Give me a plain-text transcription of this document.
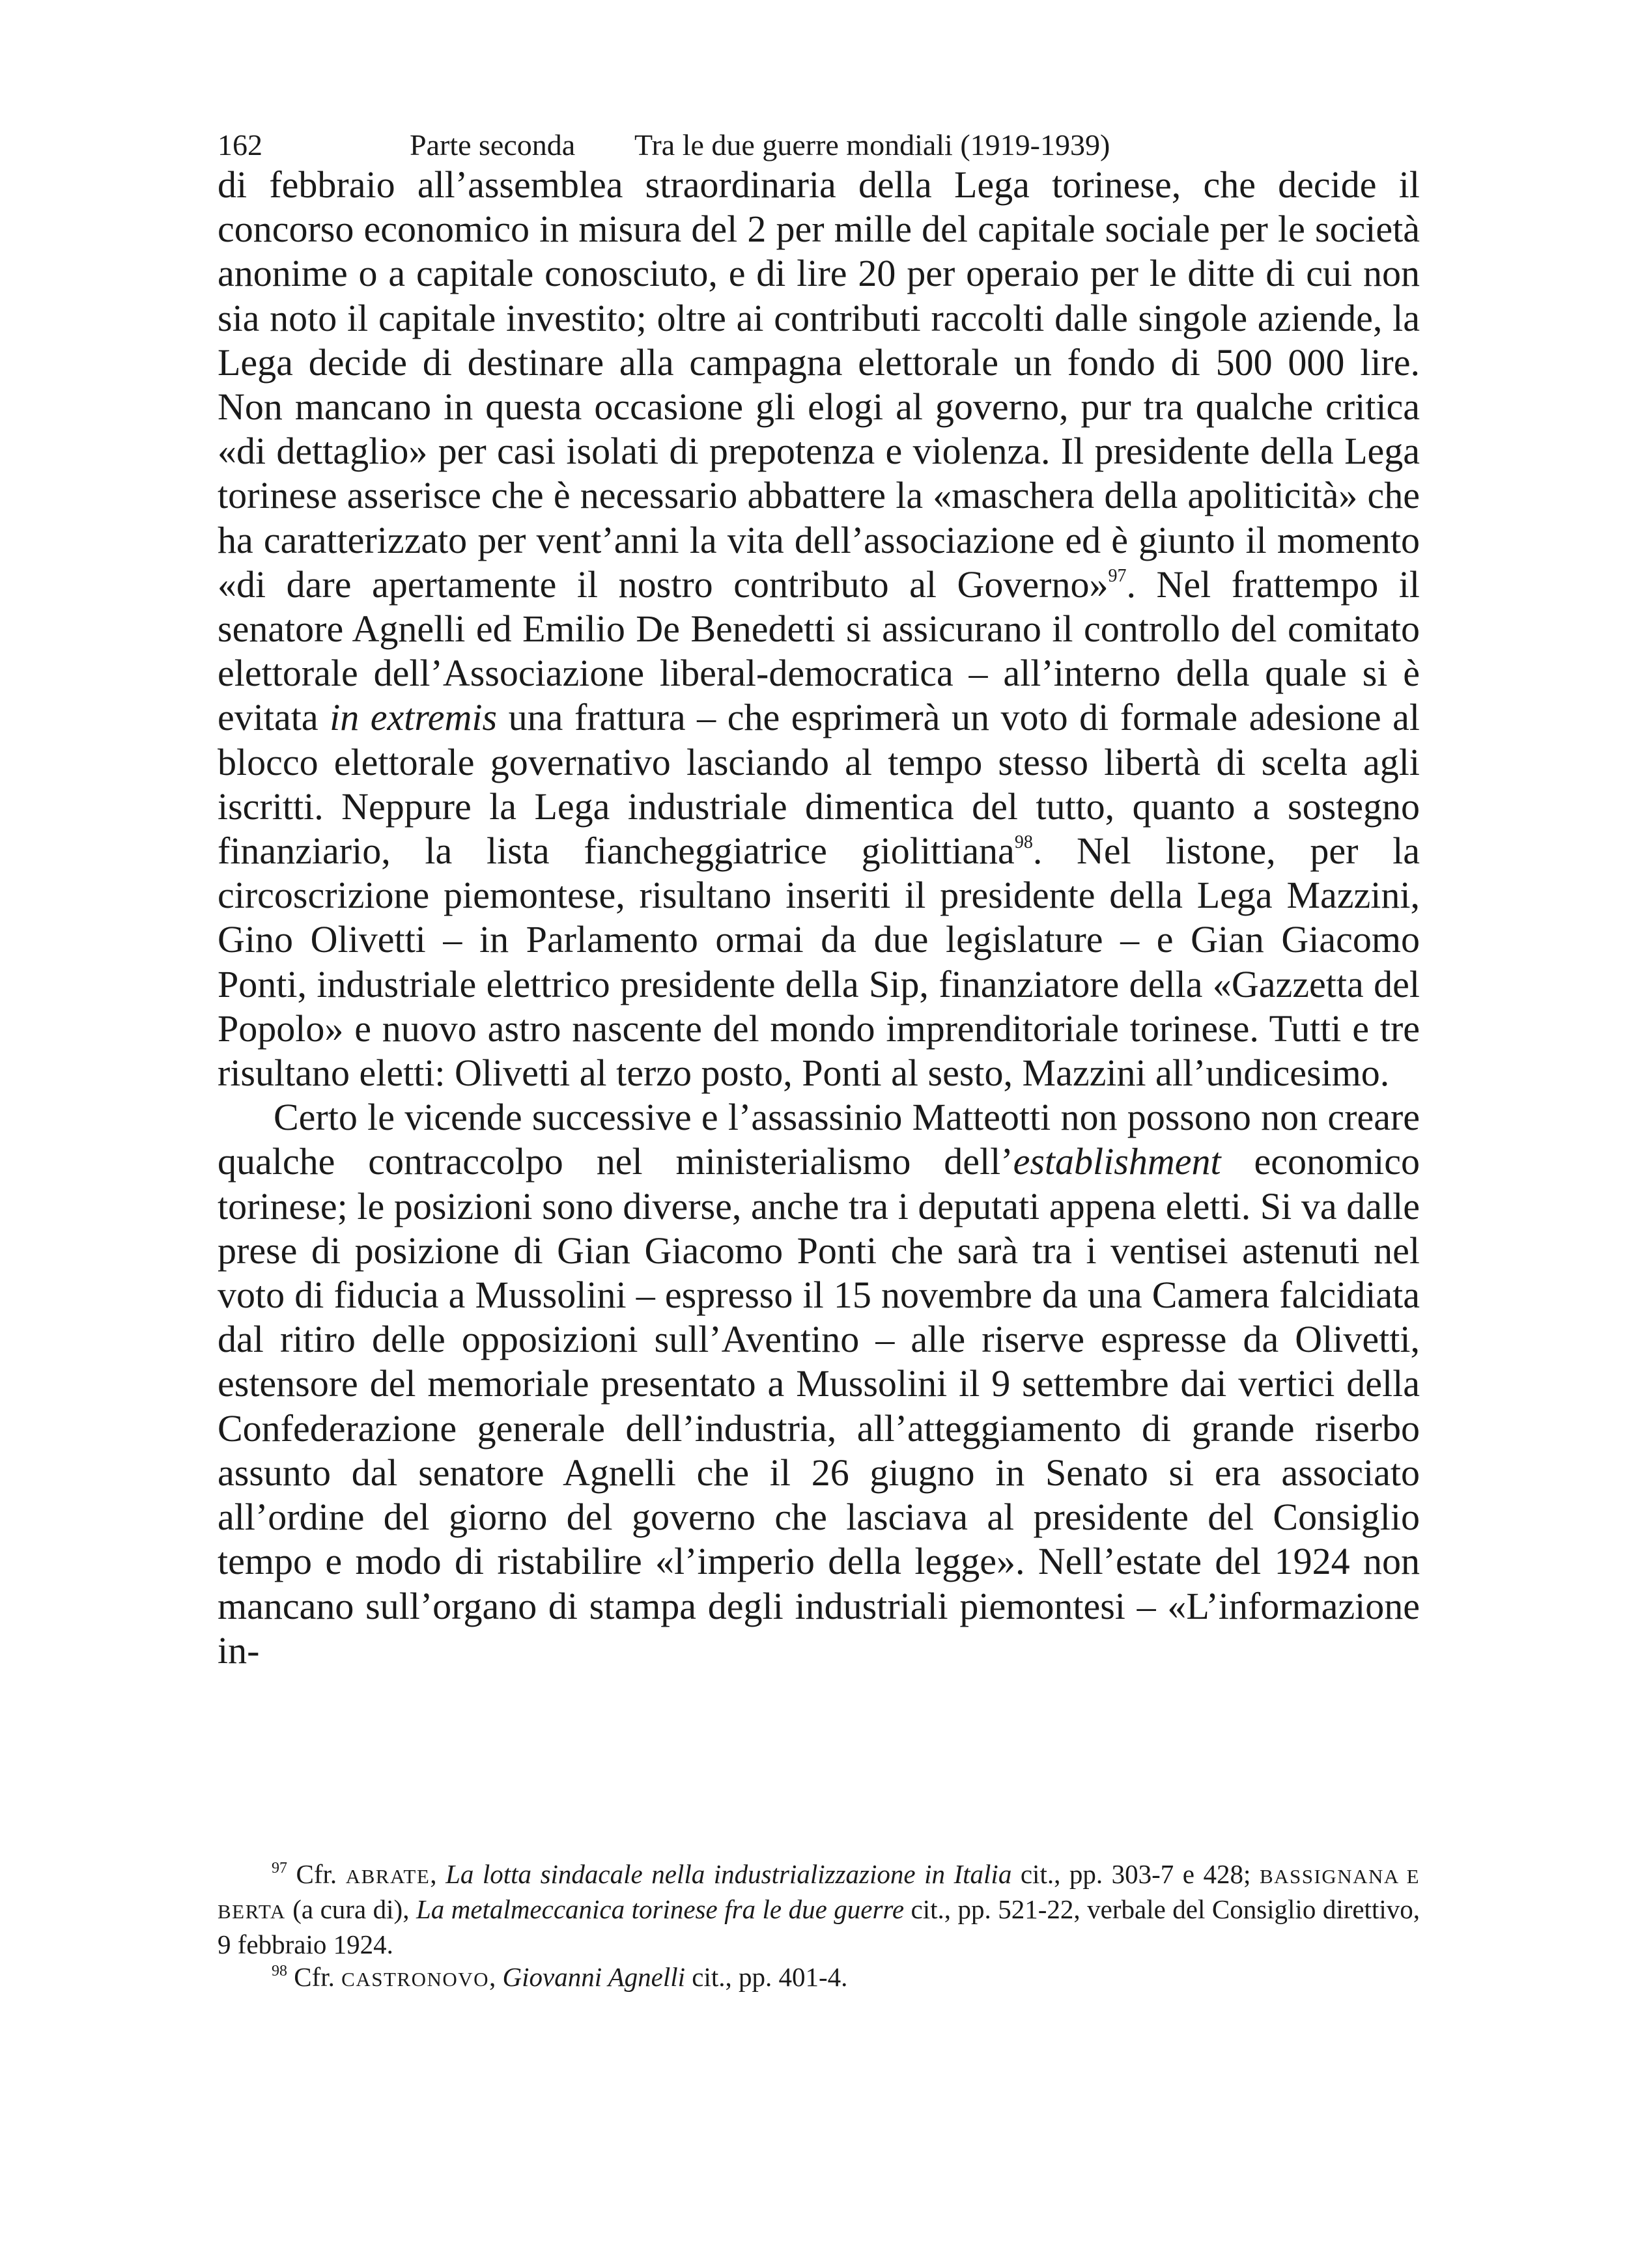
162	Parte seconda Tra le due guerre mondiali (1919-1939)

di febbraio all’assemblea straordinaria della Lega torinese, che decide il concorso economico in misura del 2 per mille del capitale sociale per le società anonime o a capitale conosciuto, e di lire 20 per operaio per le ditte di cui non sia noto il capitale investito; oltre ai contributi raccolti dalle singole aziende, la Lega decide di destinare alla campagna elettorale un fondo di 500 000 lire. Non mancano in questa occasione gli elogi al governo, pur tra qualche critica «di dettaglio» per casi isolati di prepotenza e violenza. Il presidente della Lega torinese asserisce che è necessario abbattere la «maschera della apoliticità» che ha caratterizzato per vent’anni la vita dell’associazione ed è giunto il momento «di dare apertamente il nostro contributo al Governo»$^{97}$. Nel frattempo il senatore Agnelli ed Emilio De Benedetti si assicurano il controllo del comitato elettorale dell’Associazione liberal-democratica – all’interno della quale si è evitata in extremis una frattura – che esprimerà un voto di formale adesione al blocco elettorale governativo lasciando al tempo stesso libertà di scelta agli iscritti. Neppure la Lega industriale dimentica del tutto, quanto a sostegno finanziario, la lista fiancheggiatrice giolittiana$^{98}$. Nel listone, per la circoscrizione piemontese, risultano inseriti il presidente della Lega Mazzini, Gino Olivetti – in Parlamento ormai da due legislature – e Gian Giacomo Ponti, industriale elettrico presidente della Sip, finanziatore della «Gazzetta del Popolo» e nuovo astro nascente del mondo imprenditoriale torinese. Tutti e tre risultano eletti: Olivetti al terzo posto, Ponti al sesto, Mazzini all’undicesimo.

Certo le vicende successive e l’assassinio Matteotti non possono non creare qualche contraccolpo nel ministerialismo dell’establishment economico torinese; le posizioni sono diverse, anche tra i deputati appena eletti. Si va dalle prese di posizione di Gian Giacomo Ponti che sarà tra i ventisei astenuti nel voto di fiducia a Mussolini – espresso il 15 novembre da una Camera falcidiata dal ritiro delle opposizioni sull’Aventino – alle riserve espresse da Olivetti, estensore del memoriale presentato a Mussolini il 9 settembre dai vertici della Confederazione generale dell’industria, all’atteggiamento di grande riserbo assunto dal senatore Agnelli che il 26 giugno in Senato si era associato all’ordine del giorno del governo che lasciava al presidente del Consiglio tempo e modo di ristabilire «l’imperio della legge». Nell’estate del 1924 non mancano sull’organo di stampa degli industriali piemontesi – «L’informazione in-

$^{97}$ Cfr. ABRATE, La lotta sindacale nella industrializzazione in Italia cit., pp. 303-7 e 428; BASSIGNANA E BERTA (a cura di), La metalmeccanica torinese fra le due guerre cit., pp. 521-22, verbale del Consiglio direttivo, 9 febbraio 1924.

$^{98}$ Cfr. CASTRONOVO, Giovanni Agnelli cit., pp. 401-4.
